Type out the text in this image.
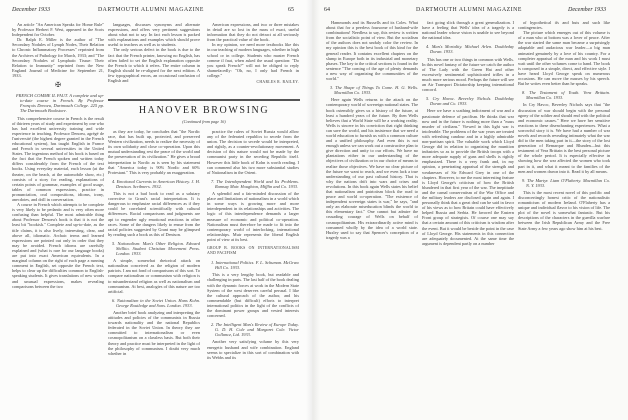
December 1933	DARTMOUTH ALUMNI MAGAZINE	65

An article "An American Speaks for Home Rule" by Professor Herbert F. West, appeared in the Scots Independent for October.

Dr. Ralph E. Miller is the author of "The Secondary Nodules of Lymph Nodes, Their Relation to Chronic Inflammatory Processes" reprinted from the Archives of Pathology for March, 1933; and "The Secondary Nodules of Lymphatic Tissue: Their Relation to Immunity" reprinted from the New England Journal of Medicine for September 21, 1933.

✠
FRENCH COMME IL FAUT. A complete and up-to-date course in French. By Professor François Denoeu, Dartmouth College. 225 pp. The Dartmouth Bookstore.

This comprehensive course in French is the result of thirteen years of study and experiment by one who has had excellent university training and wide experience in teaching. Professor Denoeu, agrégé de l'université (the highest degree granted in the French educational system), has taught English in France and French in several universities in the United States. The ingenious method of his book is based on the fact that the French spoken and written today differs considerably from the French of the text books. Using everyday material, each lesson (at the theater, on the beach, at the automobile show, etc.) consists of a story for reading, explanations of certain points of grammar, examples of good usage, tables of common expressions, practice in pronunciation, oral compositions, idioms, irony, anecdotes, and drill in conversation.

A course in French which attempts to be complete is very likely to be pedantic and is very often more confusing than helpful. The most admirable thing about Professor Denoeu's book is that it is not the least bit "bookish." Complete and up-to-date, as the title claims, it is also lively, interesting, clear, and above all, idiomatic. Archaic terms and learned expressions are pointed out only in order that they may be avoided. French idioms are carefully explained and (what is rare for our language books) are put into exact American equivalents. In a marginal column on the right of each page a running comment in English, set opposite the French text, helps to clear up the difficulties common to English-speaking students. It gives translations of new words and unusual expressions, makes revealing comparisons between the two

languages, discusses synonyms and alternate expressions, and offers very pertinent suggestions about what not to say. In fact each lesson is packed with explanations and examples which should prove useful to teachers as well as to students.

The only serious defect in the book is due to the fact that the French printer, knowing no English, has often failed to set the English explanation opposite the French to which it refers. The entire column in English should be re-aligned for the next edition. A few typographical errors, an occasional confusion of English and

American expressions, and two or three mistakes in detail are so lost in the mass of exact, useful information that they do not detract at all seriously from the practical value of the book.

In my opinion, we need more textbooks like this in our teaching of modern languages, whether in high school or in college. Students who master French comme il faut, when asked the usual question: "Do you speak French?" will not be obliged to reply shamefacedly: "Oh, no, I only had French in college."

CHARLES R. BAILEY.
HANOVER BROWSING
(Continued from page 16)

as they are today, he concludes that "the Nordic race, that has built up, protected, and preserved Western civilization, needs to realize the necessity of its own solidarity and close co-operation. Upon this mutual understanding rest the peace of the world and the preservation of its civilization." He gives a broad interpretation to Nordic as is seen by his statement that "America today is 90% Nordic and 60% Protestant." This is very probably an exaggeration.

4. Emotional Currents in American History. J. H. Denison. Scribners. 1932.

This is not a bad book to read as a salutary corrective to Grant's racial interpretation. It is dangerous to emphasize racial differences as if they could be correlated scientifically with cultural differences. Racial comparisons and judgments are apt to engender ugly emotional reactions in other races. Some of the dangers likely to ensue from the racial policies suggested by Grant may be glimpsed by reading such a book as this of Denison.

5. Nationalism: Man's Other Religion. Edward Shillito. Student Christian Movement Press. London. 1933.

A simple, somewhat rhetorical attack on nationalism conceived as the religion of modern patriots. I am not fond of comparisons of this sort. To compare nationalism or communism with religion is to misunderstand religion as well as nationalism and communism. At best, analogies of this nature are too artificial.

6. Nationalism in the Soviet Union. Hans Kohn. George Routledge and Sons. London. 1933.

Another brief book analyzing and interpreting the attitudes and policies of the communists in Russia towards nationality and the national Republics federated in the Soviet Union. In theory they are committed to internationalism or even cosmopolitanism on a classless basis. But both their theory and practice must be interpreted in the light of the philosophy of communism. I doubt very much whether in

practice the rulers of Soviet Russia would allow any of the federated republics to secede from the union. The decision to secede would be interpreted, and rightly, as a counter-revolutionary movement. A decision of this nature would not be made by the communist party in the seceding Republic itself. However this little book of Kohn is worth reading. I can commend also his two more substantial studies of Nationalism in the Orient.

7. The Interdependent World and Its Problems. Ramsay Muir. Houghton, Mifflin and Co. 1933.

A splendid and a fair-minded discussion of the place and limitations of nationalism in a world which in some ways is growing more and more interdependent in its relationships and activities. The logic of this interdependence demands a larger measure of economic and political co-operation. Nationalism must therefore be made to fit into the contemporary world of interlocking, international relationships. Muir represents the liberal English point of view at its best.

GROUP B. BOOKS ON INTERNATIONALISM AND PACIFISM
1. International Politics. F. L. Schuman. McGraw Hill Co. 1933.

This is a very lengthy book, but readable and challenging in parts. The last half of the book dealing with the dynamic forces at work in the Modern State System of the west deserves careful perusal. I like the cultural approach of the author, and his commendable (but difficult) efforts to interpret international politics in the light of the conflicts of the dominant power groups and vested interests concerned.

2. The Intelligent Man's Review of Europe Today. G. D. H. Cole and Margaret Cole. Victor Gollancz, Ltd. 1933.

Another very satisfying volume by this very energetic husband and wife combination. England seems to specialize in this sort of combination with its Webbs and its

64	DARTMOUTH ALUMNI MAGAZINE	December 1933

Hammonds and its Russells and its Coles. What about that for a peerless foursome of husband-wife combinations! Needless to say, this review is written from the socialistic point of view. But the socialism of the authors does not unduly color the review. In my opinion this is the best book of this kind for the general reader. It contains excellent chapters on the slump in Europe both in its industrial and monetary phases. The key to the critical sections is found in the sentence "The coming of the age of plenty demands a new way of organizing the communities of the world."

3. The Shape of Things To Come. H. G. Wells. Macmillan Co. 1933.

Here again Wells returns to the attack on the contemporary world of sovereign national states. The book ostensibly gives us a history of the future, at least a hundred years of the future. By then Wells believes that a World State will be a working reality. Wells is sincere in his conviction that right thinking can save the world, and his insistence that we need a world education to furnish us with a common culture and a unified philosophy. And even this is not enough unless we can work out a constructive plan to give direction and unity to our efforts. We have no plantations either in our understanding of the objectives of civilization or in our choice of means to realize those objectives. We have no clear picture of the future we want to reach, and we even lack a true understanding of our past cultural history. That is why the nations drift into wars and crises and revolutions. In this book again Wells states his belief that nationalism and patriotism block the road to peace and world co-operation. "The existence of independent sovereign states is war," he says, "and only an elaborate miseducation blinds the world to this elementary fact." One cannot but admire the crusading courage of Wells on behalf of cosmopolitanism. His extraordinarily active mind is consumed wholly by the idea of a world state. Huxley used to say that Spencer's conception of a tragedy was a

fact going slick through a great generalization. I have a feeling that Wells' idea of a tragedy is a national leader whose vision is unable to see beyond the national idea.

4. Man's Mortality. Michael Arlen. Doubleday Doran. 1933.

This has one or two things in common with Wells. In this novel fantasy of the future we catch the author of The Lady with the Green Hat and other excessively sentimental sophisticated trifles in a much more serious mood. Perhaps the future will see an Air Transport Dictatorship keeping international concord.

5. Cry Havoc. Beverley Nichols. Doubleday Doran and Co. 1933.

Here we have a scathing indictment of war and a passionate defence of pacifism. He thinks that war now and in the future is nothing more than a "mass murder of civilians." Viewed in this light war is intolerable. The problems of the war years are treated with refreshing candour and in a highly admirable non-partisan spirit. The valuable work which Lloyd George did in relation to organizing the munition industries so as to provide the British troops with a more adequate supply of guns and shells is rightly emphasized. There is a very frank and, in my opinion, a penetrating appraisal of the strength and weaknesses of Sir Edward Grey in one of the chapters. However, to me the most interesting feature is Lloyd George's criticism of how the British blundered in that first year of the war. The ineptitude and the carnal conservatism of the War Office and the military leaders are disclosed again and again. I personally think that a great deal can be said in favor of his views as to how Britain could have effectively helped Russia and Serbia. He favored the Eastern Front group of strategists. Of course one may say that a certain amount of this criticism is wisdom after the event. But it would be beside the point in the case of Lloyd George. His statements in this connection are adequately documented. At the same time the argument is dependent partly on a number

of hypothetical ifs and buts and such like contingencies.

The picture which emerges out of this volume is of a man who at bottom was a lover of peace. After the war started the same man became a surprisingly adaptable and audacious war leader—a big man animated genuinely by a love of his country. For a completer appraisal of the man and his work I must wait until the other volumes come to hand. The book is composed in a simple, direct, and effective style. I have heard Lloyd George speak on numerous occasions. He can move the masses by his speech. But he writes even better than he speaks.

8. The Testament of Youth. Vera Brittain. Macmillan Co. 1933.

In Cry Havoc, Beverley Nichols says that "the discussion of war should begin with the personal agony of the soldier and should end with the political and economic causes." Here we have her sensitive reactions to these disenchanting experiences. What a sorrowful story it is. We have had a number of war novels and records revealing intimately what the war did to the men taking part in it—the story of the lost generation of Remarque and Blunden—but this testament of Vera Brittain is the best personal picture of the whole period. It is especially effective in showing how the war affected the women who took part in it, and what it meant to the families of the men and women drawn into it. Read it by all means.

9. The Martyr. Liam O'Flaherty. Macmillan Co. N. Y. 1933.

This is the most recent novel of this prolific and disconcertingly honest critic of the nationalistic romanticism of modern Ireland. O'Flaherty has a unique and individual flavor to his vision of life. The plot of the novel is somewhat fantastic. But his descriptions of the characters in the guerilla warfare between the Irish Republican Army and the Free State Army a few years ago show him at his best.
